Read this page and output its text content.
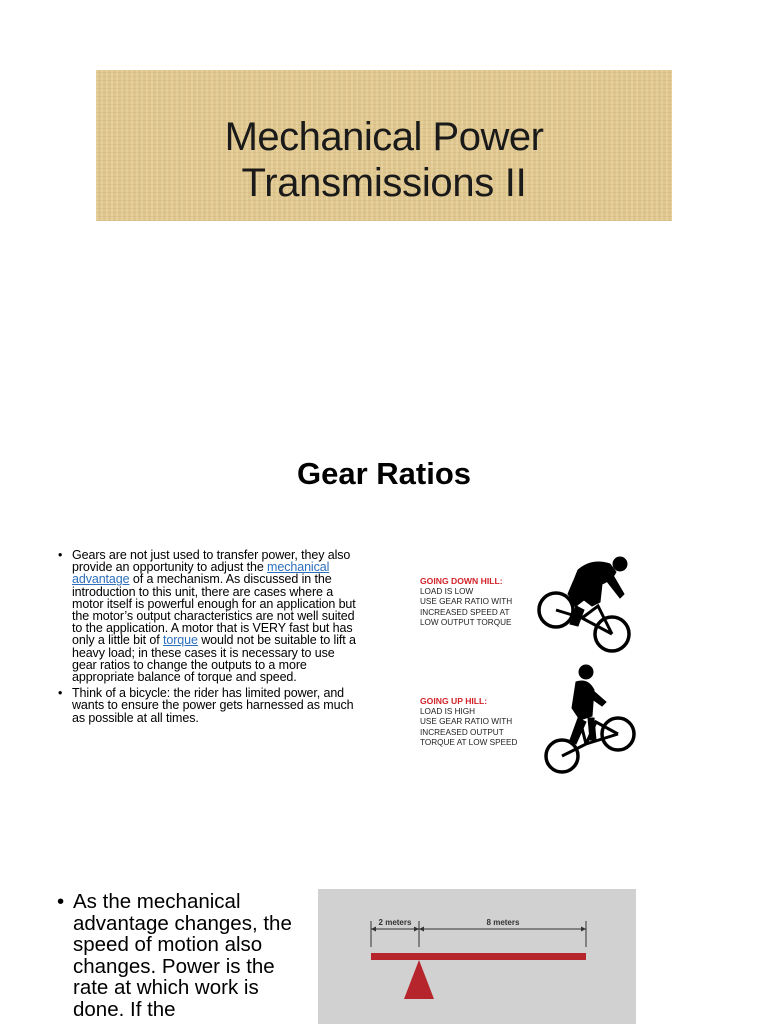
Mechanical Power
Transmissions II
Gear Ratios
• Gears are not just used to transfer power, they also provide an opportunity to adjust the mechanical advantage of a mechanism. As discussed in the introduction to this unit, there are cases where a motor itself is powerful enough for an application but the motor’s output characteristics are not well suited to the application. A motor that is VERY fast but has only a little bit of torque would not be suitable to lift a heavy load; in these cases it is necessary to use gear ratios to change the outputs to a more appropriate balance of torque and speed.
• Think of a bicycle: the rider has limited power, and wants to ensure the power gets harnessed as much as possible at all times.
GOING DOWN HILL:
LOAD IS LOW
USE GEAR RATIO WITH
INCREASED SPEED AT
LOW OUTPUT TORQUE
GOING UP HILL:
LOAD IS HIGH
USE GEAR RATIO WITH
INCREASED OUTPUT
TORQUE AT LOW SPEED
• As the mechanical advantage changes, the speed of motion also changes. Power is the rate at which work is done. If the
2 meters	8 meters
